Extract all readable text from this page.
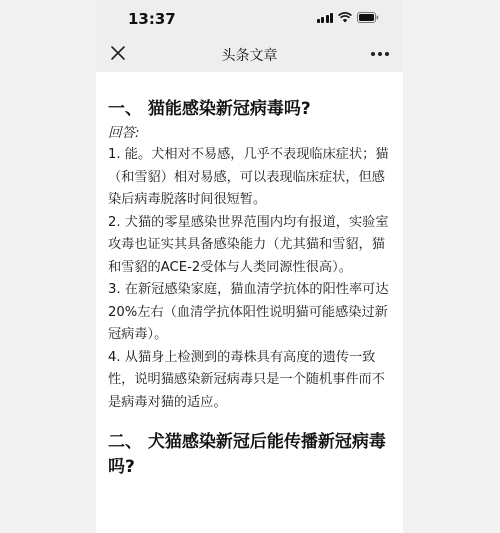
13:37
头条文章
一、 猫能感染新冠病毒吗?
回答:

1. 能。犬相对不易感，几乎不表现临床症状；猫（和雪貂）相对易感，可以表现临床症状，但感染后病毒脱落时间很短暂。

2. 犬猫的零星感染世界范围内均有报道，实验室攻毒也证实其具备感染能力（尤其猫和雪貂，猫和雪貂的ACE-2受体与人类同源性很高）。

3. 在新冠感染家庭，猫血清学抗体的阳性率可达20%左右（血清学抗体阳性说明猫可能感染过新冠病毒）。

4. 从猫身上检测到的毒株具有高度的遗传一致性，说明猫感染新冠病毒只是一个随机事件而不是病毒对猫的适应。

二、 犬猫感染新冠后能传播新冠病毒吗?
